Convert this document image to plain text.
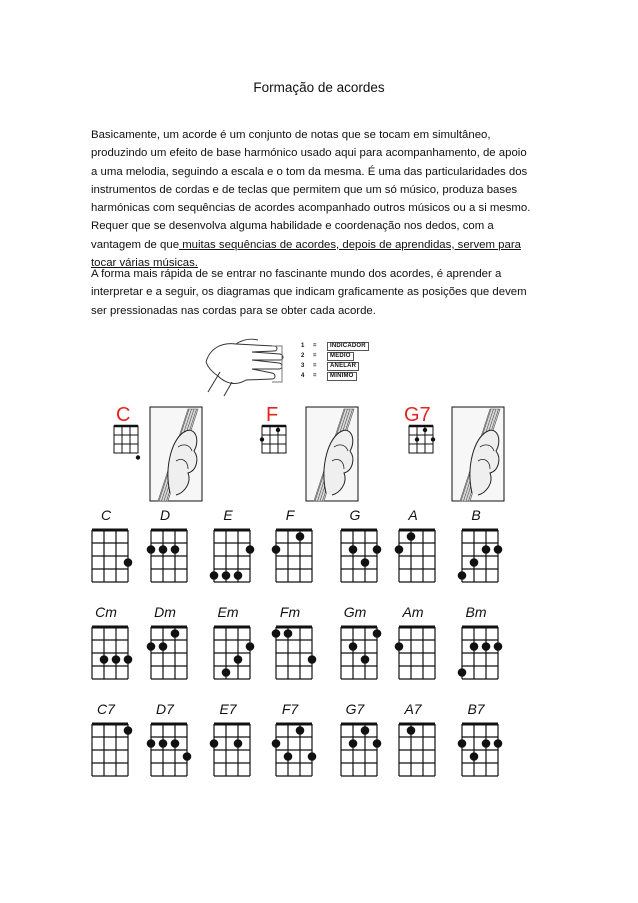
Formação de acordes

Basicamente, um acorde é um conjunto de notas que se tocam em simultâneo,

produzindo um efeito de base harmónico usado aqui para acompanhamento, de apoio

a uma melodia, seguindo a escala e o tom da mesma. É uma das particularidades dos

instrumentos de cordas e de teclas que permitem que um só músico, produza bases

harmónicas com sequências de acordes acompanhado outros músicos ou a si mesmo.

Requer que se desenvolva alguma habilidade e coordenação nos dedos, com a

vantagem de que muitas sequências de acordes, depois de aprendidas, servem para

tocar várias músicas.

A forma mais rápida de se entrar no fascinante mundo dos acordes, é aprender a

interpretar e a seguir, os diagramas que indicam graficamente as posições que devem

ser pressionadas nas cordas para se obter cada acorde.

1 = INDICADOR
2 = MEDIO
3 = ANELAR
4 = MINIMO
C	F	G7
C	D	E	F	G	A	B
Cm	Dm	Em	Fm	Gm	Am	Bm
C7	D7	E7	F7	G7	A7	B7
